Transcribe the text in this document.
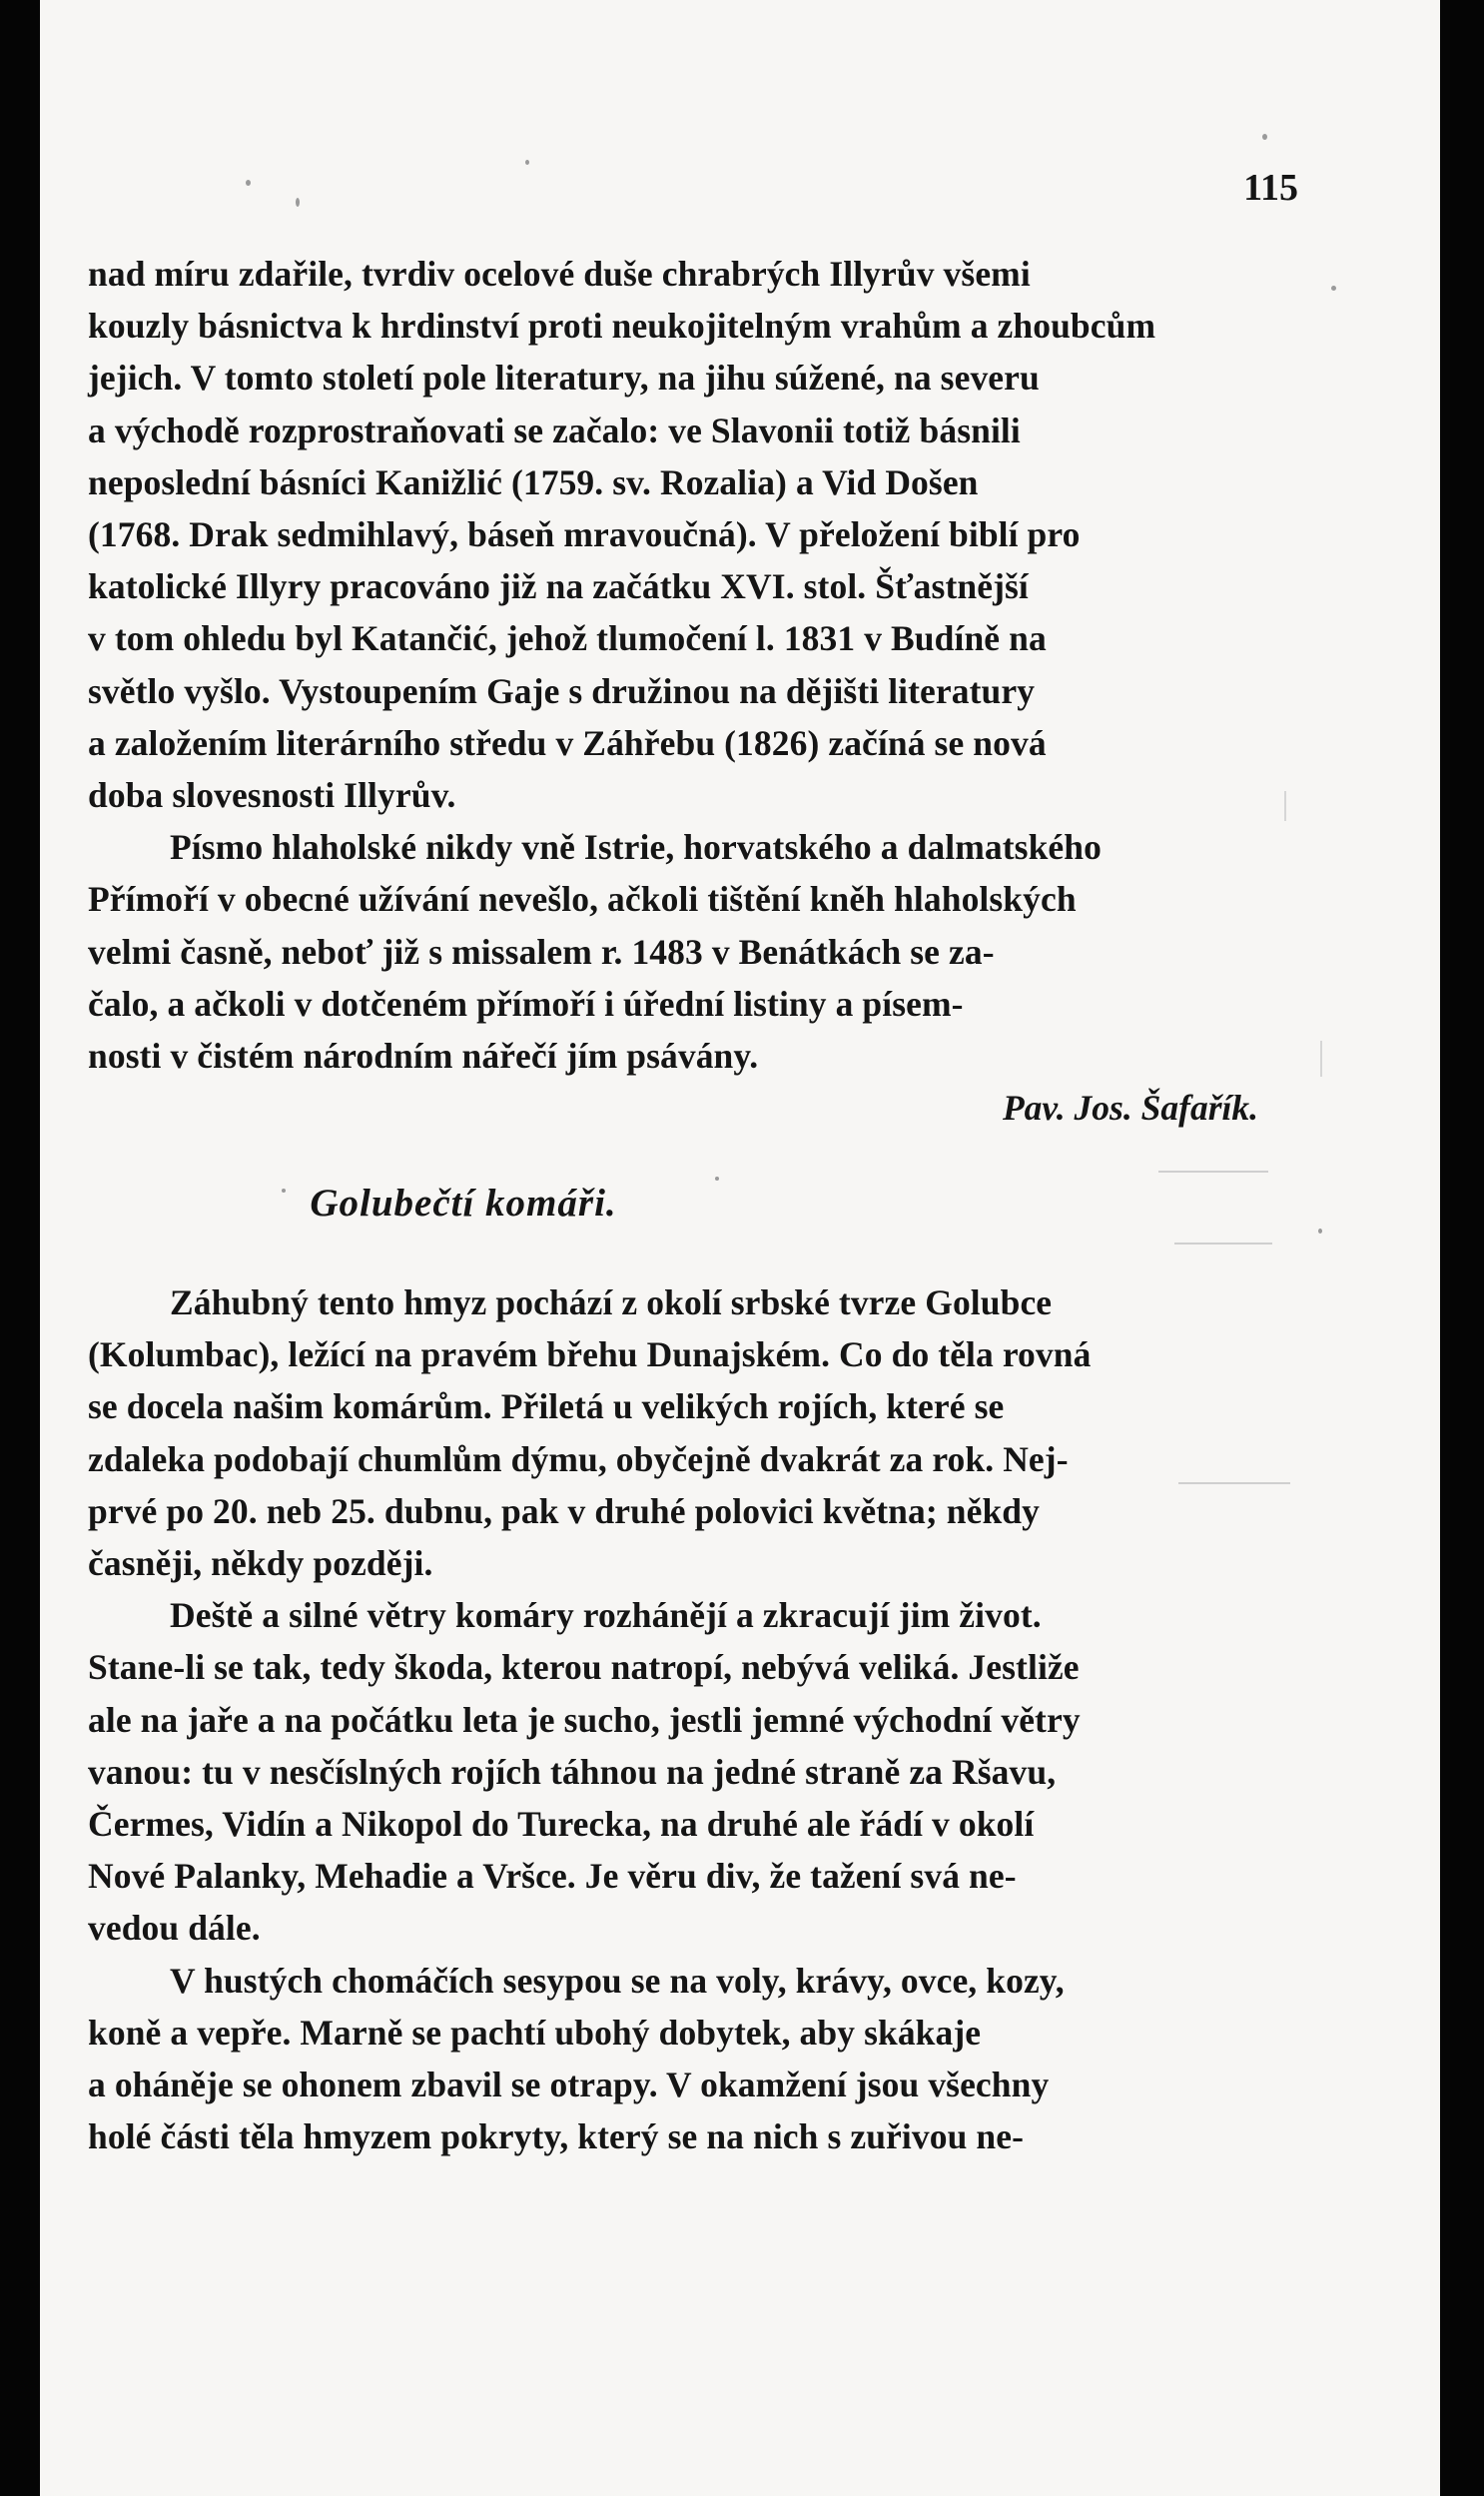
115

nad míru zdařile, tvrdiv ocelové duše chrabrých Illyrův všemi
kouzly básnictva k hrdinství proti neukojitelným vrahům a zhoubcům
jejich. V tomto století pole literatury, na jihu súžené, na severu
a východě rozprostraňovati se začalo: ve Slavonii totiž básnili
neposlední básníci Kanižlić (1759. sv. Rozalia) a Vid Došen
(1768. Drak sedmihlavý, báseň mravoučná). V přeložení biblí pro
katolické Illyry pracováno již na začátku XVI. stol. Šťastnější
v tom ohledu byl Katančić, jehož tlumočení l. 1831 v Budíně na
světlo vyšlo. Vystoupením Gaje s družinou na dějišti literatury
a založením literárního středu v Záhřebu (1826) začíná se nová
doba slovesnosti Illyrův.

Písmo hlaholské nikdy vně Istrie, horvatského a dalmatského
Přímoří v obecné užívání nevešlo, ačkoli tištění kněh hlaholských
velmi časně, neboť již s missalem r. 1483 v Benátkách se za-
čalo, a ačkoli v dotčeném přímoří i úřední listiny a písem-
nosti v čistém národním nářečí jím psávány.

Pav. Jos. Šafařík.

Golubečtí komáři.

Záhubný tento hmyz pochází z okolí srbské tvrze Golubce
(Kolumbac), ležící na pravém břehu Dunajském. Co do těla rovná
se docela našim komárům. Přiletá u velikých rojích, které se
zdaleka podobají chumlům dýmu, obyčejně dvakrát za rok. Nej-
prvé po 20. neb 25. dubnu, pak v druhé polovici května; někdy
časněji, někdy později.

Deště a silné větry komáry rozhánějí a zkracují jim život.
Stane-li se tak, tedy škoda, kterou natropí, nebývá veliká. Jestliže
ale na jaře a na počátku leta je sucho, jestli jemné východní větry
vanou: tu v nesčíslných rojích táhnou na jedné straně za Ršavu,
Čermes, Vidín a Nikopol do Turecka, na druhé ale řádí v okolí
Nové Palanky, Mehadie a Vršce. Je věru div, že tažení svá ne-
vedou dále.

V hustých chomáčích sesypou se na voly, krávy, ovce, kozy,
koně a vepře. Marně se pachtí ubohý dobytek, aby skákaje
a oháněje se ohonem zbavil se otrapy. V okamžení jsou všechny
holé části těla hmyzem pokryty, který se na nich s zuřivou ne-
